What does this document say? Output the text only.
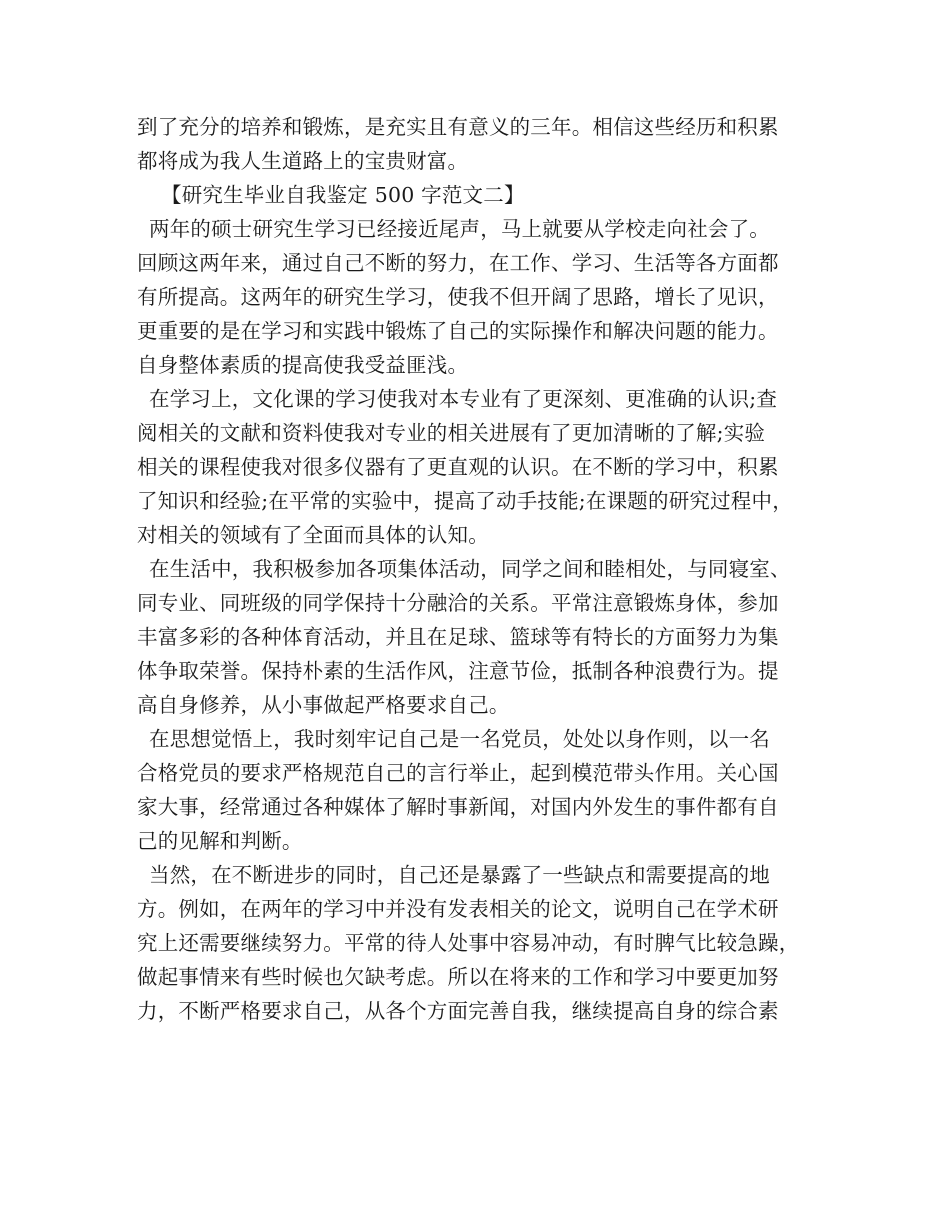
到了充分的培养和锻炼，是充实且有意义的三年。相信这些经历和积累
都将成为我人生道路上的宝贵财富。
【研究生毕业自我鉴定 500 字范文二】
两年的硕士研究生学习已经接近尾声，马上就要从学校走向社会了。
回顾这两年来，通过自己不断的努力，在工作、学习、生活等各方面都
有所提高。这两年的研究生学习，使我不但开阔了思路，增长了见识，
更重要的是在学习和实践中锻炼了自己的实际操作和解决问题的能力。
自身整体素质的提高使我受益匪浅。
在学习上，文化课的学习使我对本专业有了更深刻、更准确的认识;查
阅相关的文献和资料使我对专业的相关进展有了更加清晰的了解;实验
相关的课程使我对很多仪器有了更直观的认识。在不断的学习中，积累
了知识和经验;在平常的实验中，提高了动手技能;在课题的研究过程中，
对相关的领域有了全面而具体的认知。
在生活中，我积极参加各项集体活动，同学之间和睦相处，与同寝室、
同专业、同班级的同学保持十分融洽的关系。平常注意锻炼身体，参加
丰富多彩的各种体育活动，并且在足球、篮球等有特长的方面努力为集
体争取荣誉。保持朴素的生活作风，注意节俭，抵制各种浪费行为。提
高自身修养，从小事做起严格要求自己。
在思想觉悟上，我时刻牢记自己是一名党员，处处以身作则，以一名
合格党员的要求严格规范自己的言行举止，起到模范带头作用。关心国
家大事，经常通过各种媒体了解时事新闻，对国内外发生的事件都有自
己的见解和判断。
当然，在不断进步的同时，自己还是暴露了一些缺点和需要提高的地
方。例如，在两年的学习中并没有发表相关的论文，说明自己在学术研
究上还需要继续努力。平常的待人处事中容易冲动，有时脾气比较急躁，
做起事情来有些时候也欠缺考虑。所以在将来的工作和学习中要更加努
力，不断严格要求自己，从各个方面完善自我，继续提高自身的综合素
